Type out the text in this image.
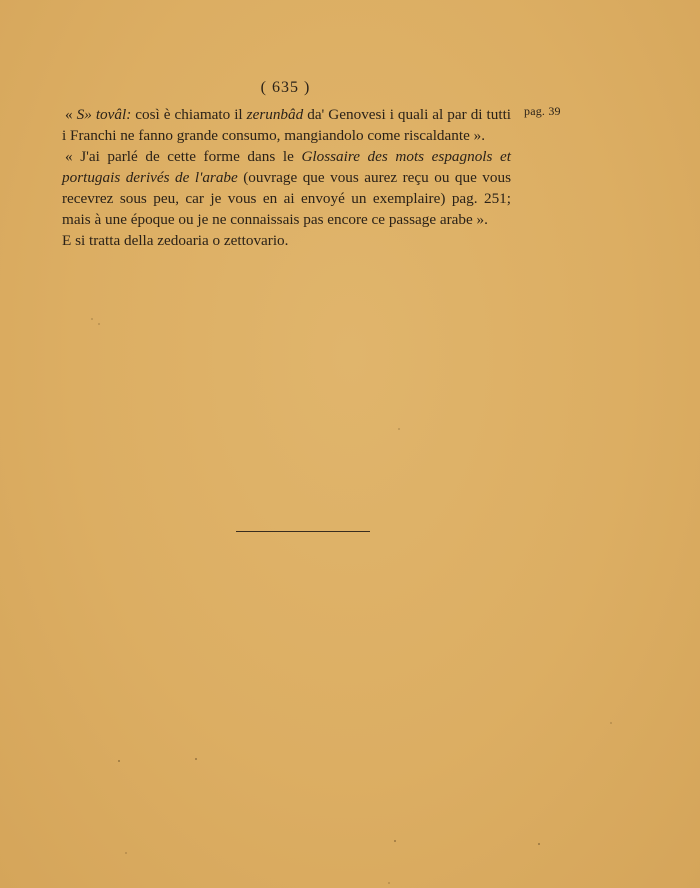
( 635 )
pag. 39

« S» tovâl: così è chiamato il zerunbâd da' Genovesi i quali al par di tutti i Franchi ne fanno grande consumo, mangiandolo come riscaldante ».

« J'ai parlé de cette forme dans le Glossaire des mots espagnols et portugais derivés de l'arabe (ouvrage que vous aurez reçu ou que vous recevrez sous peu, car je vous en ai envoyé un exemplaire) pag. 251; mais à une époque ou je ne connaissais pas encore ce passage arabe ».

E si tratta della zedoaria o zettovario.
